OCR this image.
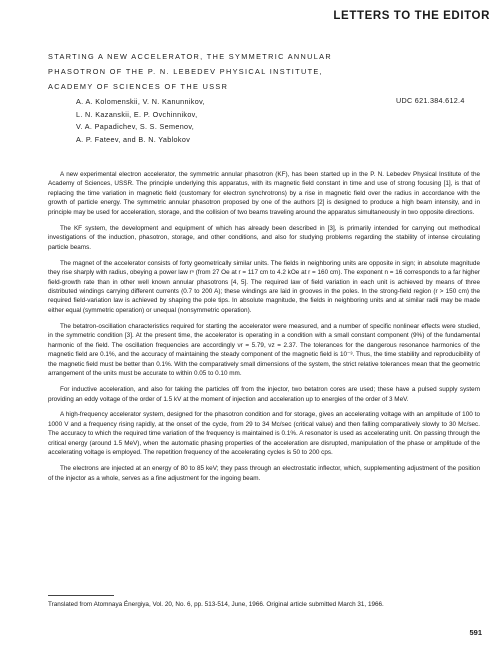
LETTERS TO THE EDITOR
STARTING A NEW ACCELERATOR, THE SYMMETRIC ANNULAR
PHASOTRON OF THE P. N. LEBEDEV PHYSICAL INSTITUTE,
ACADEMY OF SCIENCES OF THE USSR
A. A. Kolomenskii, V. N. Kanunnikov,
L. N. Kazanskii, E. P. Ovchinnikov,
V. A. Papadichev, S. S. Semenov,
A. P. Fateev, and B. N. Yablokov
UDC 621.384.612.4

A new experimental electron accelerator, the symmetric annular phasotron (KF), has been started up in the P. N. Lebedev Physical Institute of the Academy of Sciences, USSR. The principle underlying this apparatus, with its magnetic field constant in time and use of strong focusing [1], is that of replacing the time variation in magnetic field (customary for electron synchrotrons) by a rise in magnetic field over the radius in accordance with the growth of particle energy. The symmetric annular phasotron proposed by one of the authors [2] is designed to produce a high beam intensity, and in principle may be used for acceleration, storage, and the collision of two beams traveling around the apparatus simultaneously in two opposite directions.

The KF system, the development and equipment of which has already been described in [3], is primarily intended for carrying out methodical investigations of the induction, phasotron, storage, and other conditions, and also for studying problems regarding the stability of intense circulating particle beams.

The magnet of the accelerator consists of forty geometrically similar units. The fields in neighboring units are opposite in sign; in absolute magnitude they rise sharply with radius, obeying a power law rⁿ (from 27 Oe at r = 117 cm to 4.2 kOe at r = 160 cm). The exponent n = 16 corresponds to a far higher field-growth rate than in other well known annular phasotrons [4, 5]. The required law of field variation in each unit is achieved by means of three distributed windings carrying different currents (0.7 to 200 A); these windings are laid in grooves in the poles. In the strong-field region (r > 150 cm) the required field-variation law is achieved by shaping the pole tips. In absolute magnitude, the fields in neighboring units and at similar radii may be made either equal (symmetric operation) or unequal (nonsymmetric operation).

The betatron-oscillation characteristics required for starting the accelerator were measured, and a number of specific nonlinear effects were studied, in the symmetric condition [3]. At the present time, the accelerator is operating in a condition with a small constant component (9%) of the fundamental harmonic of the field. The oscillation frequencies are accordingly νr = 5.79, νz = 2.37. The tolerances for the dangerous resonance harmonics of the magnetic field are 0.1%, and the accuracy of maintaining the steady component of the magnetic field is 10⁻³. Thus, the time stability and reproducibility of the magnetic field must be better than 0.1%. With the comparatively small dimensions of the system, the strict relative tolerances mean that the geometric arrangement of the units must be accurate to within 0.05 to 0.10 mm.

For inductive acceleration, and also for taking the particles off from the injector, two betatron cores are used; these have a pulsed supply system providing an eddy voltage of the order of 1.5 kV at the moment of injection and acceleration up to energies of the order of 3 MeV.

A high-frequency accelerator system, designed for the phasotron condition and for storage, gives an accelerating voltage with an amplitude of 100 to 1000 V and a frequency rising rapidly, at the onset of the cycle, from 29 to 34 Mc/sec (critical value) and then falling comparatively slowly to 30 Mc/sec. The accuracy to which the required time variation of the frequency is maintained is 0.1%. A resonator is used as accelerating unit. On passing through the critical energy (around 1.5 MeV), when the automatic phasing properties of the acceleration are disrupted, manipulation of the phase or amplitude of the accelerating voltage is employed. The repetition frequency of the accelerating cycles is 50 to 200 cps.

The electrons are injected at an energy of 80 to 85 keV; they pass through an electrostatic inflector, which, supplementing adjustment of the position of the injector as a whole, serves as a fine adjustment for the ingoing beam.

Translated from Atomnaya Énergiya, Vol. 20, No. 6, pp. 513-514, June, 1966. Original article submitted March 31, 1966.
591
